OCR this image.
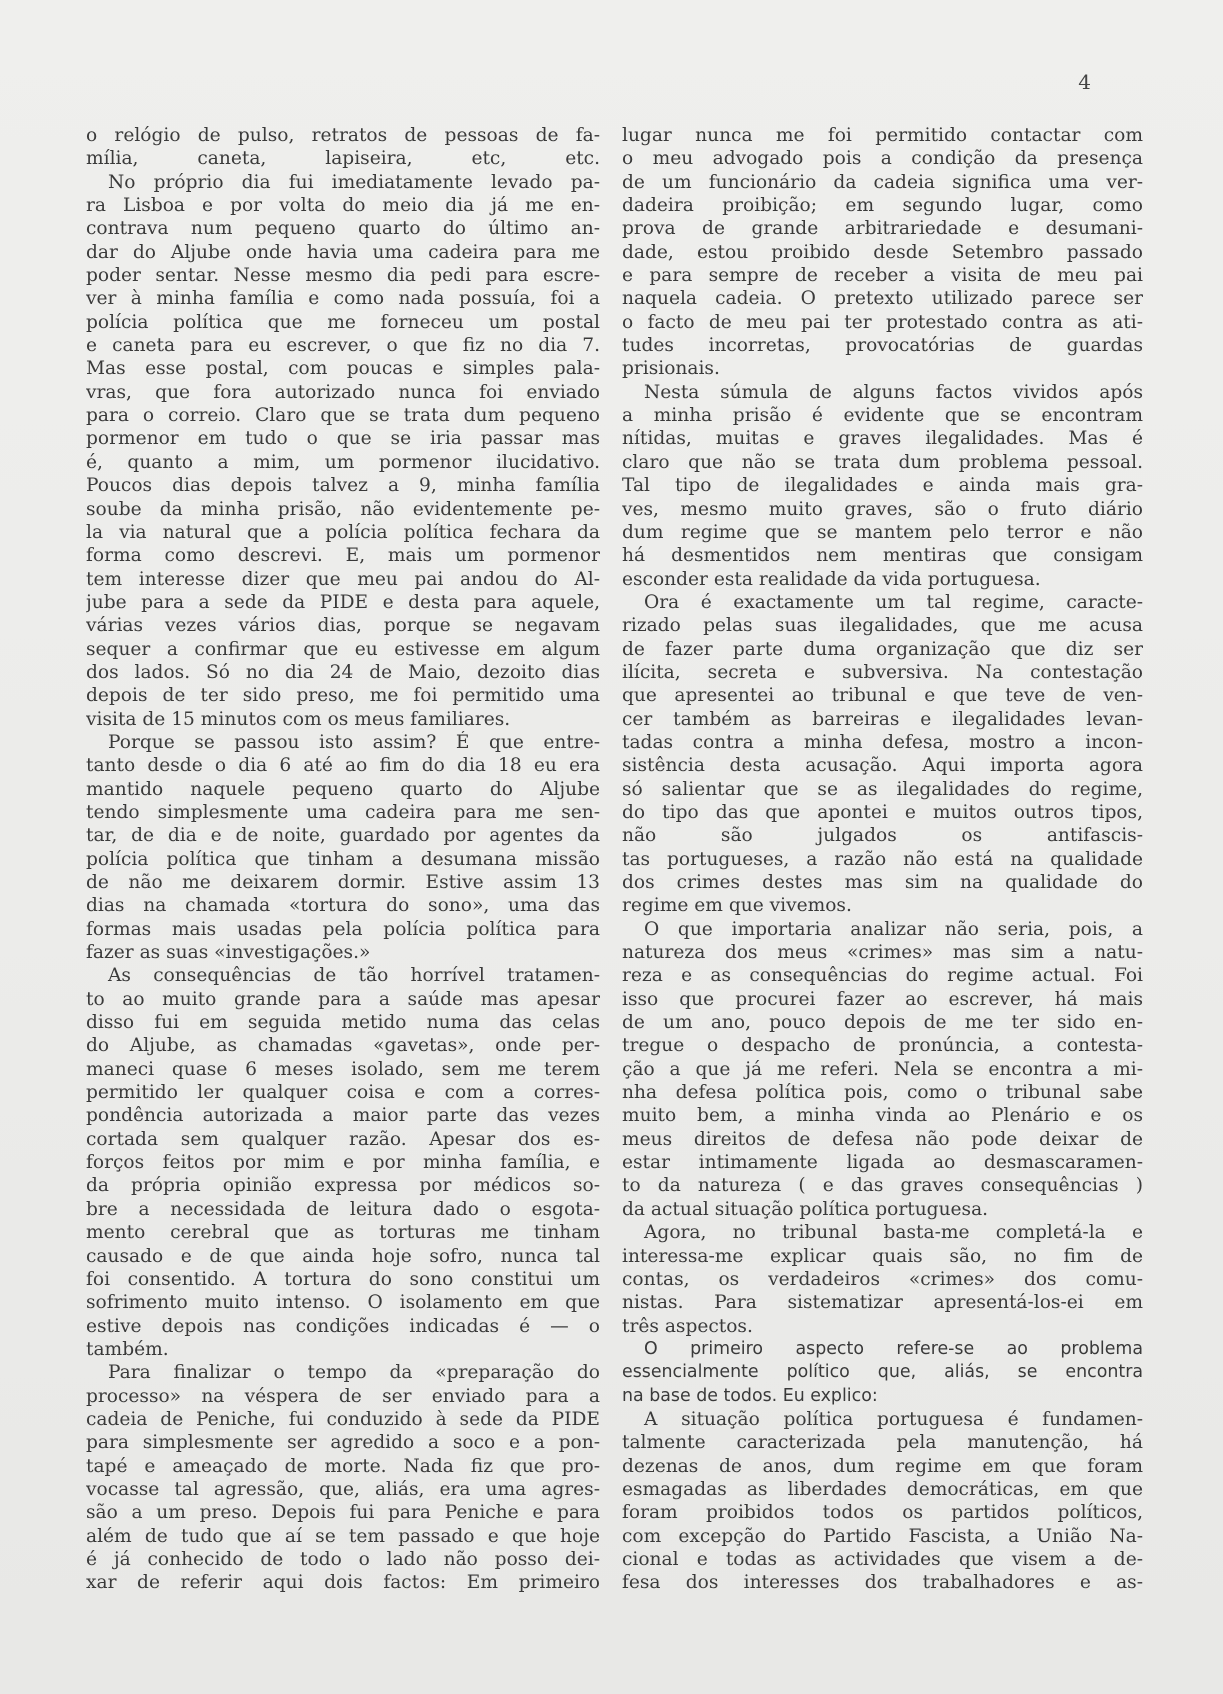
4
o relógio de pulso, retratos de pessoas de fa-
mília, caneta, lapiseira, etc, etc.
No próprio dia fui imediatamente levado pa-
ra Lisboa e por volta do meio dia já me en-
contrava num pequeno quarto do último an-
dar do Aljube onde havia uma cadeira para me
poder sentar. Nesse mesmo dia pedi para escre-
ver à minha família e como nada possuía, foi a
polícia política que me forneceu um postal
e caneta para eu escrever, o que fiz no dia 7.
Mas esse postal, com poucas e simples pala-
vras, que fora autorizado nunca foi enviado
para o correio. Claro que se trata dum pequeno
pormenor em tudo o que se iria passar mas
é, quanto a mim, um pormenor ilucidativo.
Poucos dias depois talvez a 9, minha família
soube da minha prisão, não evidentemente pe-
la via natural que a polícia política fechara da
forma como descrevi. E, mais um pormenor
tem interesse dizer que meu pai andou do Al-
jube para a sede da PIDE e desta para aquele,
várias vezes vários dias, porque se negavam
sequer a confirmar que eu estivesse em algum
dos lados. Só no dia 24 de Maio, dezoito dias
depois de ter sido preso, me foi permitido uma
visita de 15 minutos com os meus familiares.
Porque se passou isto assim? É que entre-
tanto desde o dia 6 até ao fim do dia 18 eu era
mantido naquele pequeno quarto do Aljube
tendo simplesmente uma cadeira para me sen-
tar, de dia e de noite, guardado por agentes da
polícia política que tinham a desumana missão
de não me deixarem dormir. Estive assim 13
dias na chamada «tortura do sono», uma das
formas mais usadas pela polícia política para
fazer as suas «investigações.»
As consequências de tão horrível tratamen-
to ao muito grande para a saúde mas apesar
disso fui em seguida metido numa das celas
do Aljube, as chamadas «gavetas», onde per-
maneci quase 6 meses isolado, sem me terem
permitido ler qualquer coisa e com a corres-
pondência autorizada a maior parte das vezes
cortada sem qualquer razão. Apesar dos es-
forços feitos por mim e por minha família, e
da própria opinião expressa por médicos so-
bre a necessidada de leitura dado o esgota-
mento cerebral que as torturas me tinham
causado e de que ainda hoje sofro, nunca tal
foi consentido. A tortura do sono constitui um
sofrimento muito intenso. O isolamento em que
estive depois nas condições indicadas é — o
também.
Para finalizar o tempo da «preparação do
processo» na véspera de ser enviado para a
cadeia de Peniche, fui conduzido à sede da PIDE
para simplesmente ser agredido a soco e a pon-
tapé e ameaçado de morte. Nada fiz que pro-
vocasse tal agressão, que, aliás, era uma agres-
são a um preso. Depois fui para Peniche e para
além de tudo que aí se tem passado e que hoje
é já conhecido de todo o lado não posso dei-
xar de referir aqui dois factos: Em primeiro
lugar nunca me foi permitido contactar com
o meu advogado pois a condição da presença
de um funcionário da cadeia significa uma ver-
dadeira proibição; em segundo lugar, como
prova de grande arbitrariedade e desumani-
dade, estou proibido desde Setembro passado
e para sempre de receber a visita de meu pai
naquela cadeia. O pretexto utilizado parece ser
o facto de meu pai ter protestado contra as ati-
tudes incorretas, provocatórias de guardas
prisionais.
Nesta súmula de alguns factos vividos após
a minha prisão é evidente que se encontram
nítidas, muitas e graves ilegalidades. Mas é
claro que não se trata dum problema pessoal.
Tal tipo de ilegalidades e ainda mais gra-
ves, mesmo muito graves, são o fruto diário
dum regime que se mantem pelo terror e não
há desmentidos nem mentiras que consigam
esconder esta realidade da vida portuguesa.
Ora é exactamente um tal regime, caracte-
rizado pelas suas ilegalidades, que me acusa
de fazer parte duma organização que diz ser
ilícita, secreta e subversiva. Na contestação
que apresentei ao tribunal e que teve de ven-
cer também as barreiras e ilegalidades levan-
tadas contra a minha defesa, mostro a incon-
sistência desta acusação. Aqui importa agora
só salientar que se as ilegalidades do regime,
do tipo das que apontei e muitos outros tipos,
não são julgados os antifascis-
tas portugueses, a razão não está na qualidade
dos crimes destes mas sim na qualidade do
regime em que vivemos.
O que importaria analizar não seria, pois, a
natureza dos meus «crimes» mas sim a natu-
reza e as consequências do regime actual. Foi
isso que procurei fazer ao escrever, há mais
de um ano, pouco depois de me ter sido en-
tregue o despacho de pronúncia, a contesta-
ção a que já me referi. Nela se encontra a mi-
nha defesa política pois, como o tribunal sabe
muito bem, a minha vinda ao Plenário e os
meus direitos de defesa não pode deixar de
estar intimamente ligada ao desmascaramen-
to da natureza ( e das graves consequências )
da actual situação política portuguesa.
Agora, no tribunal basta-me completá-la e
interessa-me explicar quais são, no fim de
contas, os verdadeiros «crimes» dos comu-
nistas. Para sistematizar apresentá-los-ei em
três aspectos.
O primeiro aspecto refere-se ao problema
essencialmente político que, aliás, se encontra
na base de todos. Eu explico:
A situação política portuguesa é fundamen-
talmente caracterizada pela manutenção, há
dezenas de anos, dum regime em que foram
esmagadas as liberdades democráticas, em que
foram proibidos todos os partidos políticos,
com excepção do Partido Fascista, a União Na-
cional e todas as actividades que visem a de-
fesa dos interesses dos trabalhadores e as-
